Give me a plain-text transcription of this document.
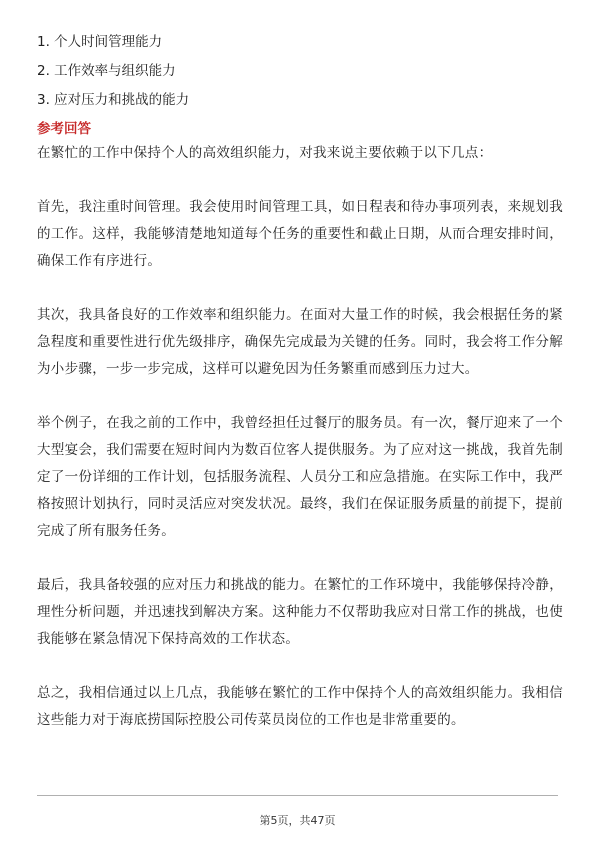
1. 个人时间管理能力
2. 工作效率与组织能力
3. 应对压力和挑战的能力
参考回答

在繁忙的工作中保持个人的高效组织能力，对我来说主要依赖于以下几点：

首先，我注重时间管理。我会使用时间管理工具，如日程表和待办事项列表，来规划我的工作。这样，我能够清楚地知道每个任务的重要性和截止日期，从而合理安排时间，确保工作有序进行。

其次，我具备良好的工作效率和组织能力。在面对大量工作的时候，我会根据任务的紧急程度和重要性进行优先级排序，确保先完成最为关键的任务。同时，我会将工作分解为小步骤，一步一步完成，这样可以避免因为任务繁重而感到压力过大。

举个例子，在我之前的工作中，我曾经担任过餐厅的服务员。有一次，餐厅迎来了一个大型宴会，我们需要在短时间内为数百位客人提供服务。为了应对这一挑战，我首先制定了一份详细的工作计划，包括服务流程、人员分工和应急措施。在实际工作中，我严格按照计划执行，同时灵活应对突发状况。最终，我们在保证服务质量的前提下，提前完成了所有服务任务。

最后，我具备较强的应对压力和挑战的能力。在繁忙的工作环境中，我能够保持冷静，理性分析问题，并迅速找到解决方案。这种能力不仅帮助我应对日常工作的挑战，也使我能够在紧急情况下保持高效的工作状态。

总之，我相信通过以上几点，我能够在繁忙的工作中保持个人的高效组织能力。我相信这些能力对于海底捞国际控股公司传菜员岗位的工作也是非常重要的。

第5页，共47页
